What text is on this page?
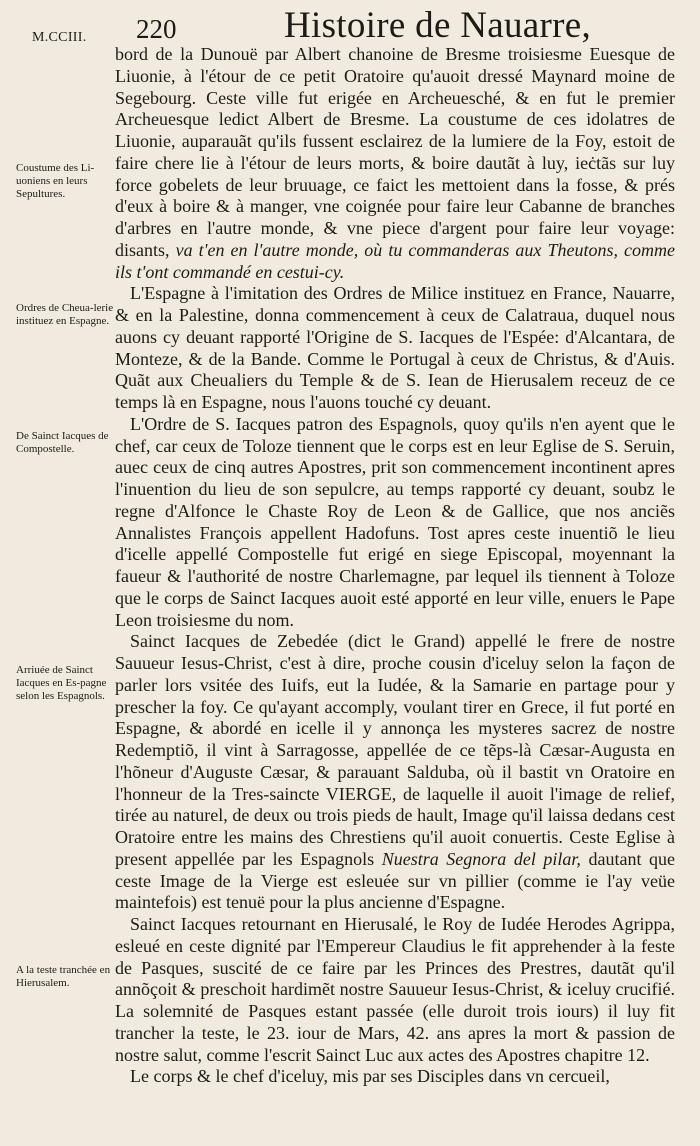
M.CCIII. 220	Histoire de Nauarre,
Coustume des Li-uoniens en leurs Sepultures.
Ordres de Cheua-lerie instituez en Espagne.
De Sainct Iacques de Compostelle.
Arriuée de Sainct Iacques en Es-pagne selon les Espagnols.
A la teste tranchée en Hierusalem.

bord de la Dunouë par Albert chanoine de Bresme troisiesme Euesque de Liuonie, à l'étour de ce petit Oratoire qu'auoit dressé Maynard moine de Segebourg. Ceste ville fut erigée en Archeuesché, & en fut le premier Archeuesque ledict Albert de Bresme. La coustume de ces idolatres de Liuonie, auparauãt qu'ils fussent esclairez de la lumiere de la Foy, estoit de faire chere lie à l'étour de leurs morts, & boire dautãt à luy, ieċtãs sur luy force gobelets de leur bruuage, ce faict les mettoient dans la fosse, & prés d'eux à boire & à manger, vne coignée pour faire leur Cabanne de branches d'arbres en l'autre monde, & vne piece d'argent pour faire leur voyage: disants, va t'en en l'autre monde, où tu commanderas aux Theutons, comme ils t'ont commandé en cestui-cy.

L'Espagne à l'imitation des Ordres de Milice instituez en France, Nauarre, & en la Palestine, donna commencement à ceux de Calatraua, duquel nous auons cy deuant rapporté l'Origine de S. Iacques de l'Espée: d'Alcantara, de Monteze, & de la Bande. Comme le Portugal à ceux de Christus, & d'Auis. Quãt aux Cheualiers du Temple & de S. Iean de Hierusalem receuz de ce temps là en Espagne, nous l'auons touché cy deuant.

L'Ordre de S. Iacques patron des Espagnols, quoy qu'ils n'en ayent que le chef, car ceux de Toloze tiennent que le corps est en leur Eglise de S. Seruin, auec ceux de cinq autres Apostres, prit son commencement incontinent apres l'inuention du lieu de son sepulcre, au temps rapporté cy deuant, soubz le regne d'Alfonce le Chaste Roy de Leon & de Gallice, que nos anciẽs Annalistes François appellent Hadofuns. Tost apres ceste inuentiõ le lieu d'icelle appellé Compostelle fut erigé en siege Episcopal, moyennant la faueur & l'authorité de nostre Charlemagne, par lequel ils tiennent à Toloze que le corps de Sainct Iacques auoit esté apporté en leur ville, enuers le Pape Leon troisiesme du nom.

Sainct Iacques de Zebedée (dict le Grand) appellé le frere de nostre Sauueur Iesus-Christ, c'est à dire, proche cousin d'iceluy selon la façon de parler lors vsitée des Iuifs, eut la Iudée, & la Samarie en partage pour y prescher la foy. Ce qu'ayant accomply, voulant tirer en Grece, il fut porté en Espagne, & abordé en icelle il y annonça les mysteres sacrez de nostre Redemptiõ, il vint à Sarragosse, appellée de ce tẽps-là Cæsar-Augusta en l'hõneur d'Auguste Cæsar, & parauant Salduba, où il bastit vn Oratoire en l'honneur de la Tres-saincte VIERGE, de laquelle il auoit l'image de relief, tirée au naturel, de deux ou trois pieds de hault, Image qu'il laissa dedans cest Oratoire entre les mains des Chrestiens qu'il auoit conuertis. Ceste Eglise à present appellée par les Espagnols Nuestra Segnora del pilar, dautant que ceste Image de la Vierge est esleuée sur vn pillier (comme ie l'ay veüe maintefois) est tenuë pour la plus ancienne d'Espagne.

Sainct Iacques retournant en Hierusalé, le Roy de Iudée Herodes Agrippa, esleué en ceste dignité par l'Empereur Claudius le fit apprehender à la feste de Pasques, suscité de ce faire par les Princes des Prestres, dautãt qu'il annõçoit & preschoit hardimẽt nostre Sauueur Iesus-Christ, & iceluy crucifié. La solemnité de Pasques estant passée (elle duroit trois iours) il luy fit trancher la teste, le 23. iour de Mars, 42. ans apres la mort & passion de nostre salut, comme l'escrit Sainct Luc aux actes des Apostres chapitre 12.

Le corps & le chef d'iceluy, mis par ses Disciples dans vn cercueil,
